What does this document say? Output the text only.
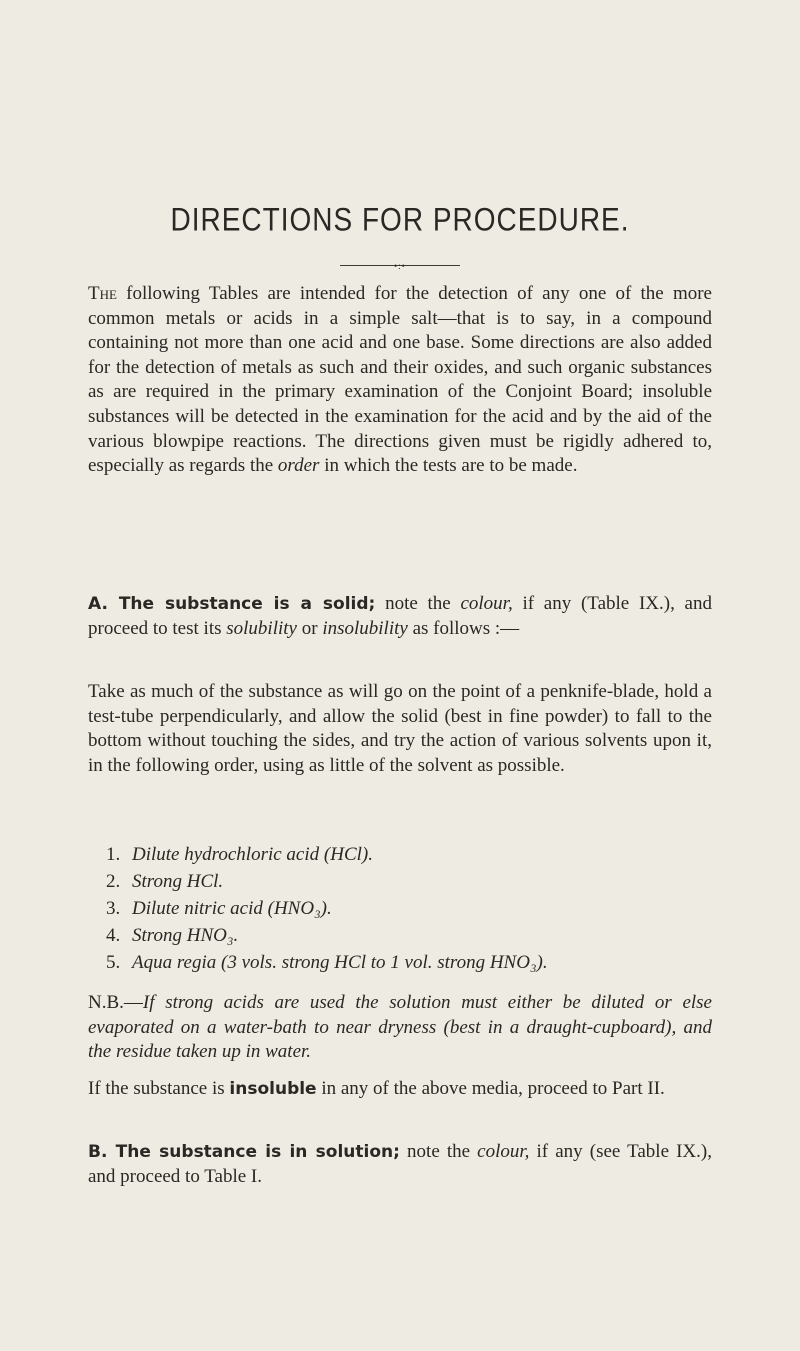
DIRECTIONS FOR PROCEDURE.
•:•

The following Tables are intended for the detection of any one of the more common metals or acids in a simple salt—that is to say, in a compound containing not more than one acid and one base. Some directions are also added for the detection of metals as such and their oxides, and such organic substances as are required in the primary examination of the Conjoint Board; insoluble substances will be detected in the examination for the acid and by the aid of the various blowpipe reactions. The directions given must be rigidly adhered to, especially as regards the order in which the tests are to be made.

A. The substance is a solid; note the colour, if any (Table IX.), and proceed to test its solubility or insolubility as follows :—

Take as much of the substance as will go on the point of a penknife-blade, hold a test-tube perpendicularly, and allow the solid (best in fine powder) to fall to the bottom without touching the sides, and try the action of various solvents upon it, in the following order, using as little of the solvent as possible.

1. Dilute hydrochloric acid (HCl).
2. Strong HCl.
3. Dilute nitric acid (HNO₃).
4. Strong HNO₃.
5. Aqua regia (3 vols. strong HCl to 1 vol. strong HNO₃).

N.B.—If strong acids are used the solution must either be diluted or else evaporated on a water-bath to near dryness (best in a draught-cupboard), and the residue taken up in water.

If the substance is insoluble in any of the above media, proceed to Part II.

B. The substance is in solution; note the colour, if any (see Table IX.), and proceed to Table I.
